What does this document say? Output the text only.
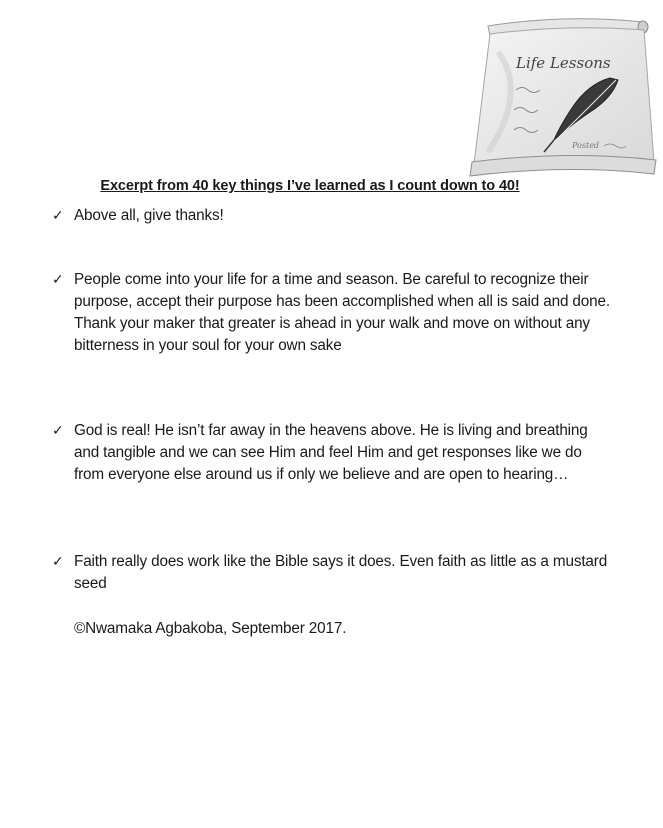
Life Lessons
Posted
Excerpt from 40 key things I’ve learned as I count down to 40!
✓ Above all, give thanks!
✓ People come into your life for a time and season. Be careful to recognize their purpose, accept their purpose has been accomplished when all is said and done. Thank your maker that greater is ahead in your walk and move on without any bitterness in your soul for your own sake
✓ God is real! He isn’t far away in the heavens above. He is living and breathing and tangible and we can see Him and feel Him and get responses like we do from everyone else around us if only we believe and are open to hearing…
✓ Faith really does work like the Bible says it does. Even faith as little as a mustard seed
©Nwamaka Agbakoba, September 2017.
